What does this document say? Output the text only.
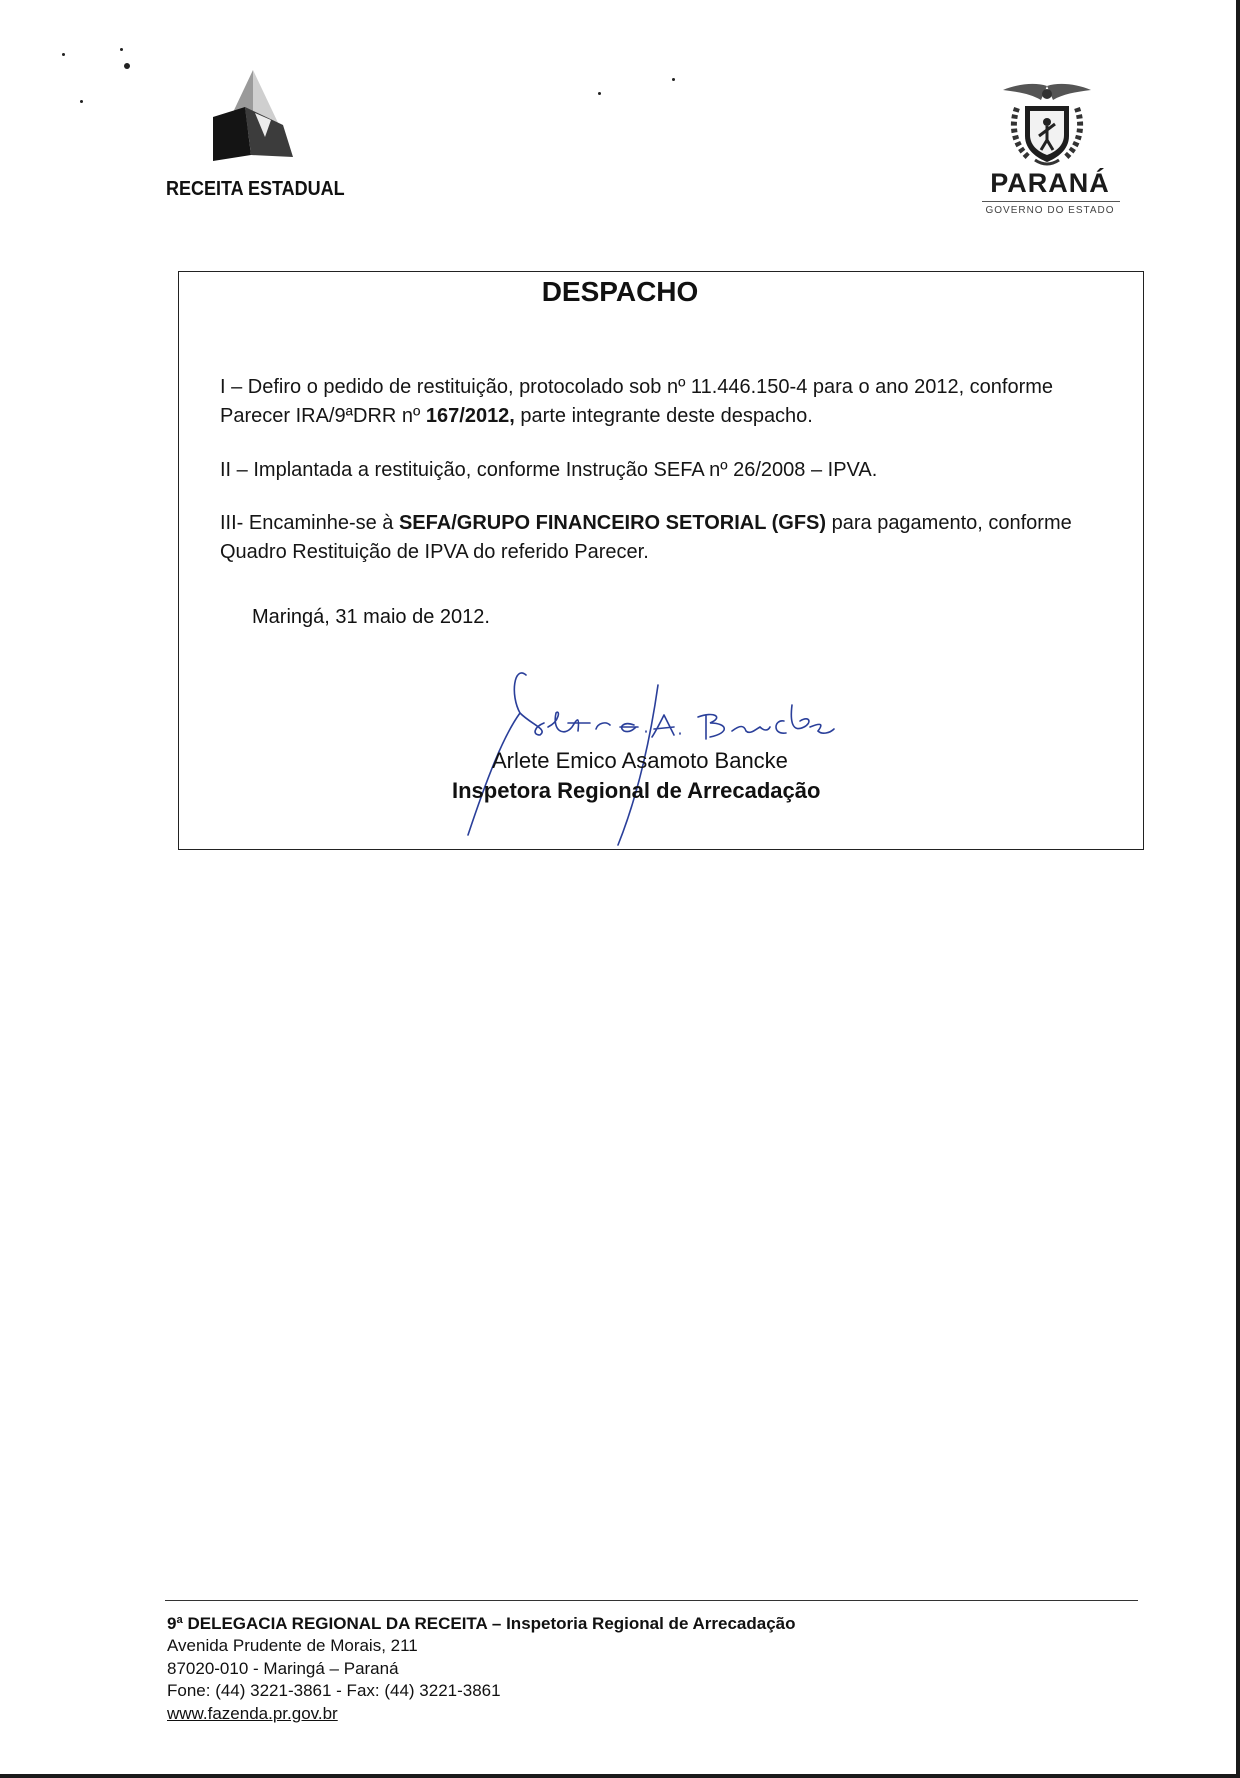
RECEITA ESTADUAL	PARANÁ
GOVERNO DO ESTADO
DESPACHO
I – Defiro o pedido de restituição, protocolado sob nº 11.446.150-4 para o ano 2012, conforme Parecer IRA/9ªDRR nº 167/2012, parte integrante deste despacho.
II – Implantada a restituição, conforme Instrução SEFA nº 26/2008 – IPVA.
III- Encaminhe-se à SEFA/GRUPO FINANCEIRO SETORIAL (GFS) para pagamento, conforme Quadro Restituição de IPVA do referido Parecer.
Maringá, 31 maio de 2012.
Arlete Emico Asamoto Bancke
Inspetora Regional de Arrecadação
9ª DELEGACIA REGIONAL DA RECEITA – Inspetoria Regional de Arrecadação
Avenida Prudente de Morais, 211
87020-010 - Maringá – Paraná
Fone: (44) 3221-3861 - Fax: (44) 3221-3861
www.fazenda.pr.gov.br
